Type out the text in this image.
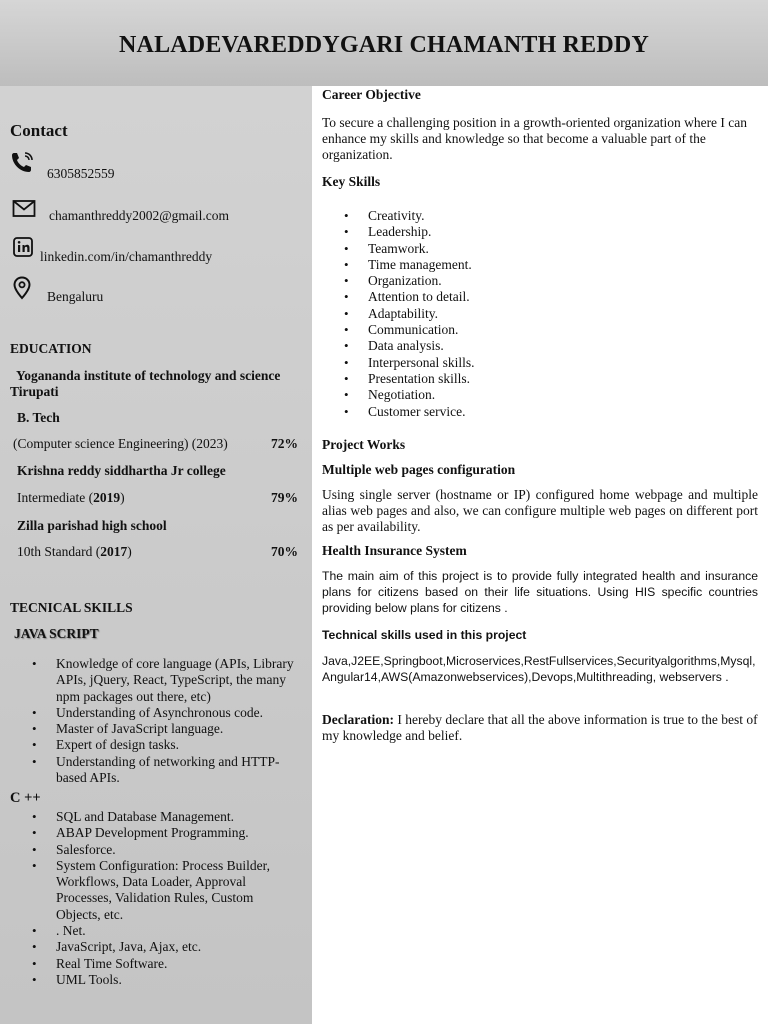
NALADEVAREDDYGARI CHAMANTH REDDY
Contact
6305852559
chamanthreddy2002@gmail.com
linkedin.com/in/chamanthreddy
Bengaluru
EDUCATION
Yogananda institute of technology and science Tirupati
B. Tech
(Computer science Engineering) (2023)	72%
Krishna reddy siddhartha Jr college
Intermediate (2019)	79%
Zilla parishad high school
10th Standard (2017)	70%
TECNICAL SKILLS
JAVA SCRIPT
• Knowledge of core language (APIs, Library APIs, jQuery, React, TypeScript, the many npm packages out there, etc)
• Understanding of Asynchronous code.
• Master of JavaScript language.
• Expert of design tasks.
• Understanding of networking and HTTP-based APIs.
C ++
• SQL and Database Management.
• ABAP Development Programming.
• Salesforce.
• System Configuration: Process Builder, Workflows, Data Loader, Approval Processes, Validation Rules, Custom Objects, etc.
• . Net.
• JavaScript, Java, Ajax, etc.
• Real Time Software.
• UML Tools.
Career Objective
To secure a challenging position in a growth-oriented organization where I can enhance my skills and knowledge so that become a valuable part of the organization.
Key Skills
• Creativity.
• Leadership.
• Teamwork.
• Time management.
• Organization.
• Attention to detail.
• Adaptability.
• Communication.
• Data analysis.
• Interpersonal skills.
• Presentation skills.
• Negotiation.
• Customer service.
Project Works
Multiple web pages configuration
Using single server (hostname or IP) configured home webpage and multiple alias web pages and also, we can configure multiple web pages on different port as per availability.
Health Insurance System
The main aim of this project is to provide fully integrated health and insurance plans for citizens based on their life situations. Using HIS specific countries providing below plans for citizens .
Technical skills used in this project
Java,J2EE,Springboot,Microservices,RestFullservices,Securityalgorithms,Mysql,Angular14,AWS(Amazonwebservices),Devops,Multithreading, webservers .
Declaration: I hereby declare that all the above information is true to the best of my knowledge and belief.
